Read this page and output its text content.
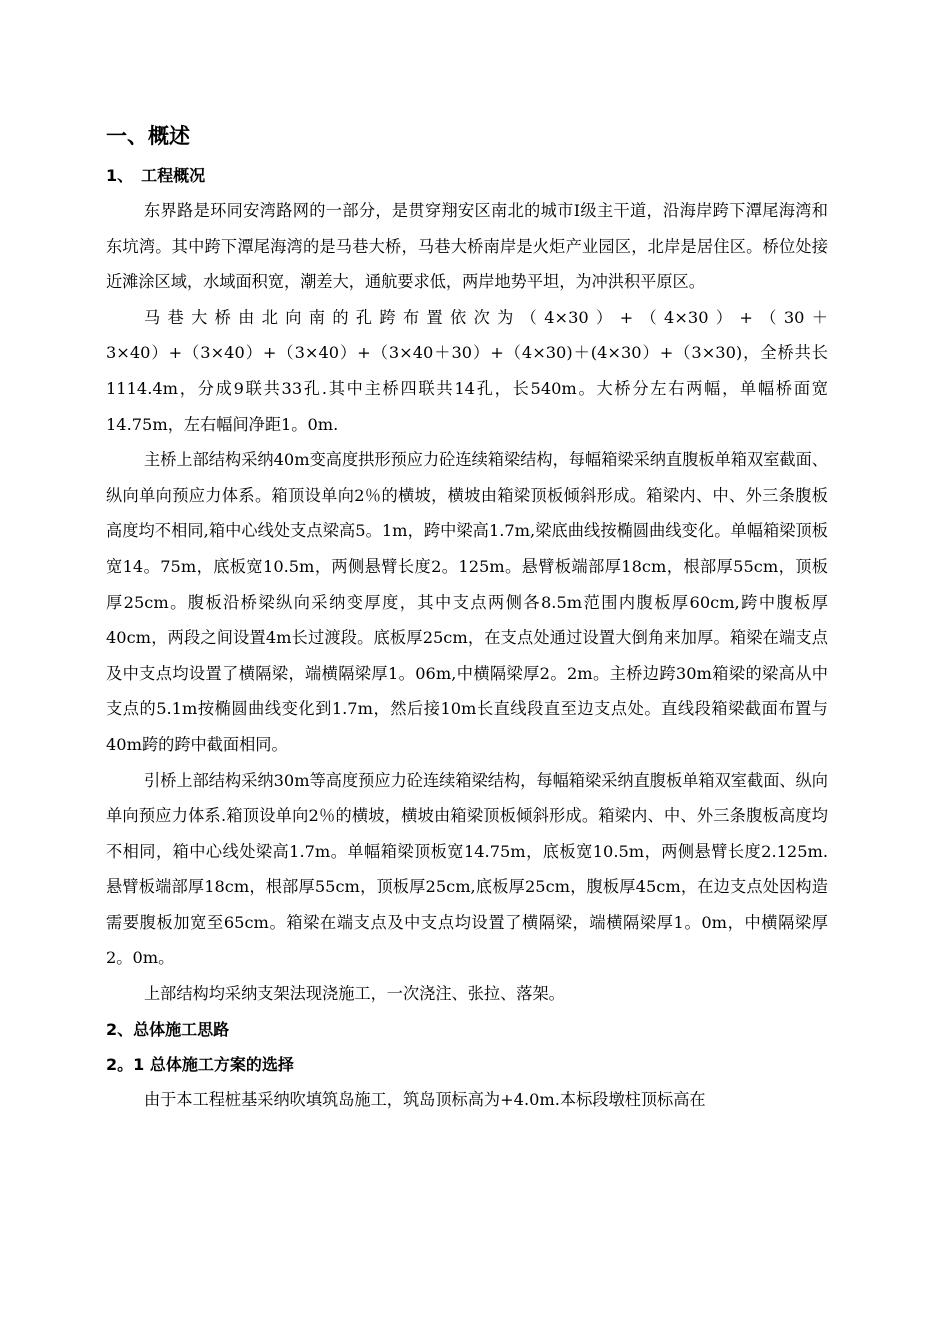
一、概述
1、　工程概况

东界路是环同安湾路网的一部分，是贯穿翔安区南北的城市Ⅰ级主干道，沿海岸跨下潭尾海湾和东坑湾。其中跨下潭尾海湾的是马巷大桥，马巷大桥南岸是火炬产业园区，北岸是居住区。桥位处接近滩涂区域，水域面积宽，潮差大，通航要求低，两岸地势平坦，为冲洪积平原区。

马巷大桥由北向南的孔跨布置依次为（4×30）+（4×30）+（30＋3×40）+（3×40）+（3×40）+（3×40＋30）+（4×30)＋(4×30）+（3×30)，全桥共长1114.4m，分成9联共33孔.其中主桥四联共14孔，长540m。大桥分左右两幅，单幅桥面宽14.75m，左右幅间净距1。0m.

主桥上部结构采纳40m变高度拱形预应力砼连续箱梁结构，每幅箱梁采纳直腹板单箱双室截面、纵向单向预应力体系。箱顶设单向2％的横坡，横坡由箱梁顶板倾斜形成。箱梁内、中、外三条腹板高度均不相同,箱中心线处支点梁高5。1m，跨中梁高1.7m,梁底曲线按椭圆曲线变化。单幅箱梁顶板宽14。75m，底板宽10.5m，两侧悬臂长度2。125m。悬臂板端部厚18cm，根部厚55cm，顶板厚25cm。腹板沿桥梁纵向采纳变厚度，其中支点两侧各8.5m范围内腹板厚60cm,跨中腹板厚40cm，两段之间设置4m长过渡段。底板厚25cm，在支点处通过设置大倒角来加厚。箱梁在端支点及中支点均设置了横隔梁，端横隔梁厚1。06m,中横隔梁厚2。2m。主桥边跨30m箱梁的梁高从中支点的5.1m按椭圆曲线变化到1.7m，然后接10m长直线段直至边支点处。直线段箱梁截面布置与40m跨的跨中截面相同。

引桥上部结构采纳30m等高度预应力砼连续箱梁结构，每幅箱梁采纳直腹板单箱双室截面、纵向单向预应力体系.箱顶设单向2％的横坡，横坡由箱梁顶板倾斜形成。箱梁内、中、外三条腹板高度均不相同，箱中心线处梁高1.7m。单幅箱梁顶板宽14.75m，底板宽10.5m，两侧悬臂长度2.125m.悬臂板端部厚18cm，根部厚55cm，顶板厚25cm,底板厚25cm，腹板厚45cm，在边支点处因构造需要腹板加宽至65cm。箱梁在端支点及中支点均设置了横隔梁，端横隔梁厚1。0m，中横隔梁厚2。0m。

上部结构均采纳支架法现浇施工，一次浇注、张拉、落架。

2、总体施工思路
2。1 总体施工方案的选择

由于本工程桩基采纳吹填筑岛施工，筑岛顶标高为+4.0m.本标段墩柱顶标高在
